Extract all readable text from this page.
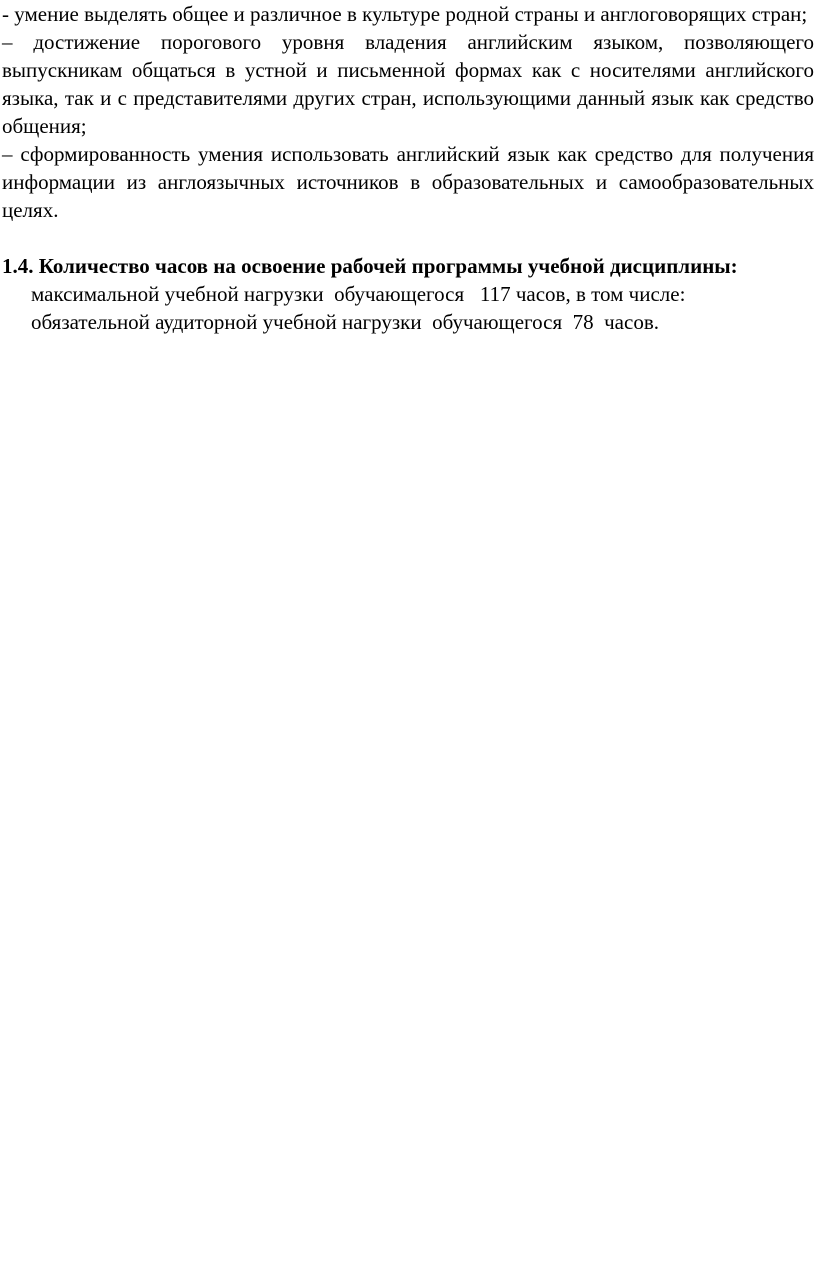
- умение выделять общее и различное в культуре родной страны и англоговорящих стран;

– достижение порогового уровня владения английским языком, позволяющего выпускникам общаться в устной и письменной формах как с носителями английского языка, так и с представителями других стран, использующими данный язык как средство общения;

– сформированность умения использовать английский язык как средство для получения информации из англоязычных источников в образовательных и самообразовательных целях.

1.4. Количество часов на освоение рабочей программы учебной дисциплины:

максимальной учебной нагрузки  обучающегося   117 часов, в том числе:

обязательной аудиторной учебной нагрузки  обучающегося  78  часов.
